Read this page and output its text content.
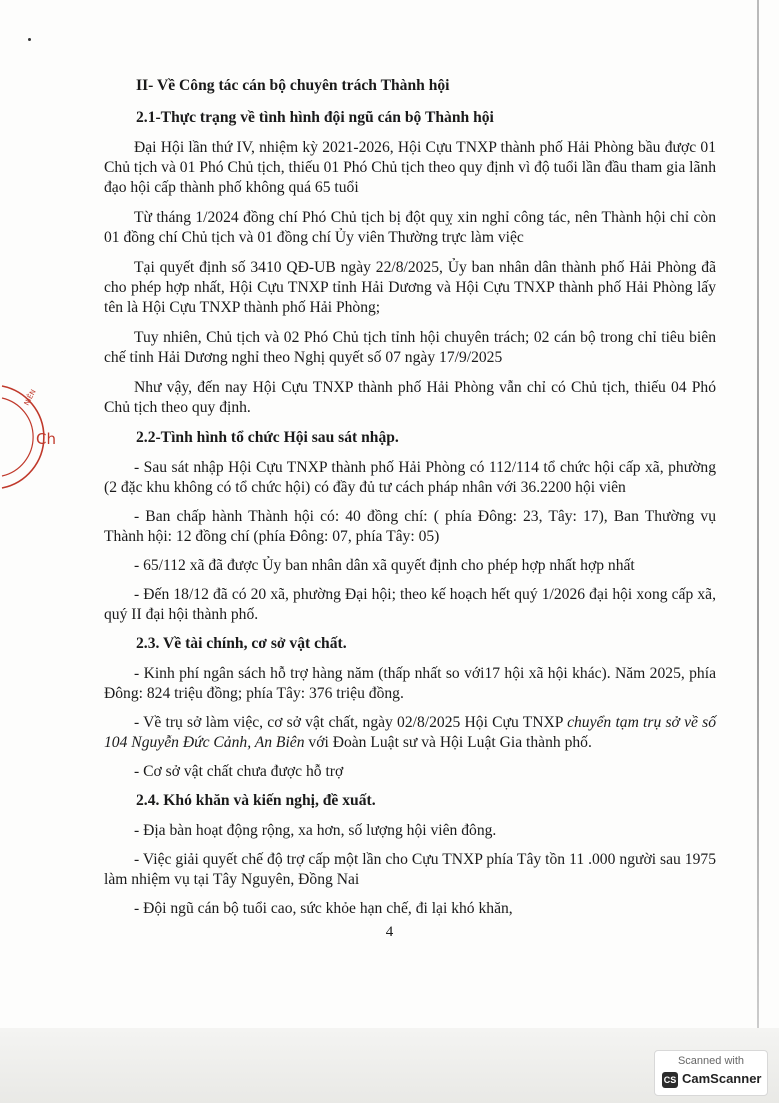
Ch
NIÊN

II- Về Công tác cán bộ chuyên trách Thành hội

2.1-Thực trạng về tình hình đội ngũ cán bộ Thành hội

Đại Hội lần thứ IV, nhiệm kỳ 2021-2026, Hội Cựu TNXP thành phố Hải Phòng bầu được 01 Chủ tịch và 01 Phó Chủ tịch, thiếu 01 Phó Chủ tịch theo quy định vì độ tuổi lần đầu tham gia lãnh đạo hội cấp thành phố không quá 65 tuổi

Từ tháng 1/2024 đồng chí Phó Chủ tịch bị đột quỵ xin nghỉ công tác, nên Thành hội chỉ còn 01 đồng chí Chủ tịch và 01 đồng chí Ủy viên Thường trực làm việc

Tại quyết định số 3410 QĐ-UB ngày 22/8/2025, Ủy ban nhân dân thành phố Hải Phòng đã cho phép hợp nhất, Hội Cựu TNXP tỉnh Hải Dương và Hội Cựu TNXP thành phố Hải Phòng lấy tên là Hội Cựu TNXP thành phố Hải Phòng;

Tuy nhiên, Chủ tịch và 02 Phó Chủ tịch tỉnh hội chuyên trách; 02 cán bộ trong chỉ tiêu biên chế tỉnh Hải Dương nghỉ theo Nghị quyết số 07 ngày 17/9/2025

Như vậy, đến nay Hội Cựu TNXP thành phố Hải Phòng vẫn chỉ có Chủ tịch, thiếu 04 Phó Chủ tịch theo quy định.

2.2-Tình hình tổ chức Hội sau sát nhập.

- Sau sát nhập Hội Cựu TNXP thành phố Hải Phòng có 112/114 tổ chức hội cấp xã, phường (2 đặc khu không có tổ chức hội) có đầy đủ tư cách pháp nhân với 36.2200 hội viên

- Ban chấp hành Thành hội có: 40 đồng chí: ( phía Đông: 23, Tây: 17), Ban Thường vụ Thành hội: 12 đồng chí (phía Đông: 07, phía Tây: 05)

- 65/112 xã đã được Ủy ban nhân dân xã quyết định cho phép hợp nhất hợp nhất

- Đến 18/12 đã có 20 xã, phường Đại hội; theo kế hoạch hết quý 1/2026 đại hội xong cấp xã, quý II đại hội thành phố.

2.3. Về tài chính, cơ sở vật chất.

- Kinh phí ngân sách hỗ trợ hàng năm (thấp nhất so với17 hội xã hội khác). Năm 2025, phía Đông: 824 triệu đồng; phía Tây: 376 triệu đồng.

- Về trụ sở làm việc, cơ sở vật chất, ngày 02/8/2025 Hội Cựu TNXP chuyển tạm trụ sở về số 104 Nguyễn Đức Cảnh, An Biên với Đoàn Luật sư và Hội Luật Gia thành phố.

- Cơ sở vật chất chưa được hỗ trợ

2.4. Khó khăn và kiến nghị, đề xuất.

- Địa bàn hoạt động rộng, xa hơn, số lượng hội viên đông.

- Việc giải quyết chế độ trợ cấp một lần cho Cựu TNXP phía Tây tồn 11 .000 người sau 1975 làm nhiệm vụ tại Tây Nguyên, Đồng Nai

- Đội ngũ cán bộ tuổi cao, sức khỏe hạn chế, đi lại khó khăn,

4
Scanned with
CS CamScanner
